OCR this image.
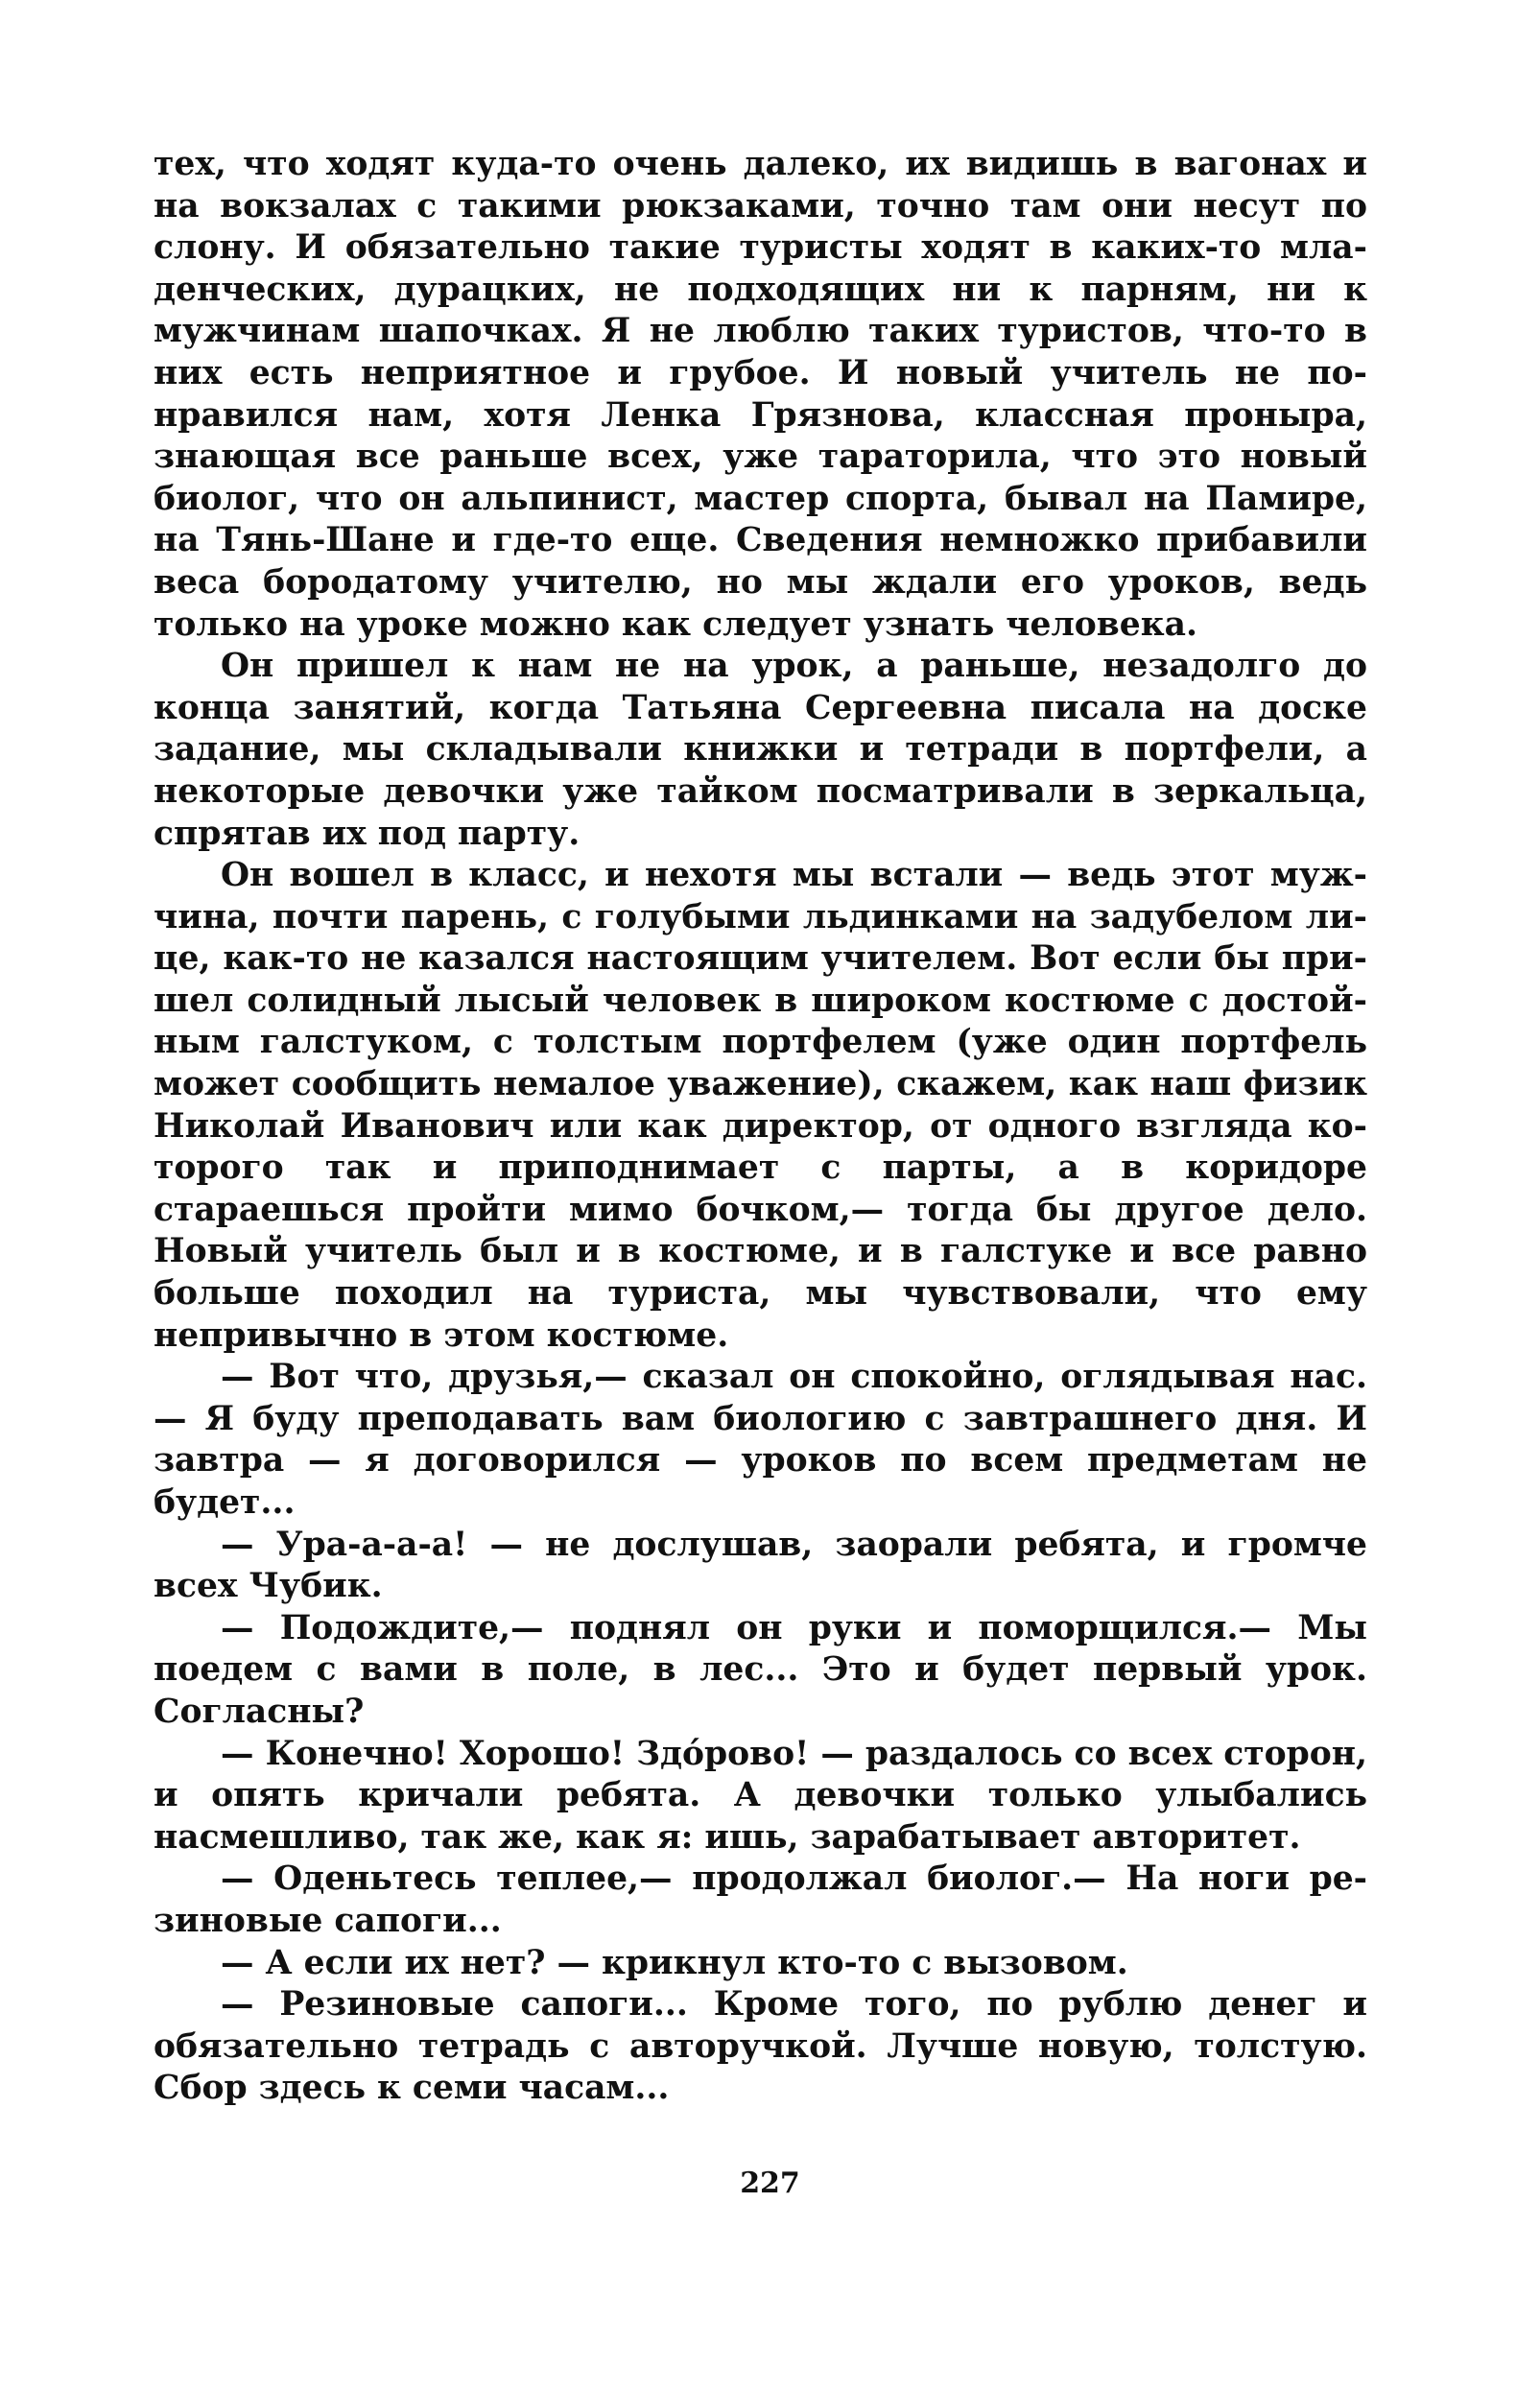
тех, что ходят куда-то очень далеко, их видишь в вагонах и на вокзалах с такими рюкзаками, точно там они несут по слону. И обязательно такие туристы ходят в каких-то младенческих, дурацких, не подходящих ни к парням, ни к мужчинам шапочках. Я не люблю таких туристов, что-то в них есть неприятное и грубое. И новый учитель не понравился нам, хотя Ленка Грязнова, классная проныра, знающая все раньше всех, уже тараторила, что это новый биолог, что он альпинист, мастер спорта, бывал на Памире, на Тянь-Шане и где-то еще. Сведения немножко прибавили веса бородатому учителю, но мы ждали его уроков, ведь только на уроке можно как следует узнать человека.

Он пришел к нам не на урок, а раньше, незадолго до конца занятий, когда Татьяна Сергеевна писала на доске задание, мы складывали книжки и тетради в портфели, а некоторые девочки уже тайком посматривали в зеркальца, спрятав их под парту.

Он вошел в класс, и нехотя мы встали — ведь этот мужчина, почти парень, с голубыми льдинками на задубелом лице, как-то не казался настоящим учителем. Вот если бы пришел солидный лысый человек в широком костюме с достойным галстуком, с толстым портфелем (уже один портфель может сообщить немалое уважение), скажем, как наш физик Николай Иванович или как директор, от одного взгляда которого так и приподнимает с парты, а в коридоре стараешься пройти мимо бочком,— тогда бы другое дело. Новый учитель был и в костюме, и в галстуке и все равно больше походил на туриста, мы чувствовали, что ему непривычно в этом костюме.

— Вот что, друзья,— сказал он спокойно, оглядывая нас.— Я буду преподавать вам биологию с завтрашнего дня. И завтра — я договорился — уроков по всем предметам не будет...

— Ура-а-а-а! — не дослушав, заорали ребята, и громче всех Чубик.

— Подождите,— поднял он руки и поморщился.— Мы поедем с вами в поле, в лес... Это и будет первый урок. Согласны?

— Конечно! Хорошо! Здо́рово! — раздалось со всех сторон, и опять кричали ребята. А девочки только улыбались насмешливо, так же, как я: ишь, зарабатывает авторитет.

— Оденьтесь теплее,— продолжал биолог.— На ноги резиновые сапоги...

— А если их нет? — крикнул кто-то с вызовом.

— Резиновые сапоги... Кроме того, по рублю денег и обязательно тетрадь с авторучкой. Лучше новую, толстую. Сбор здесь к семи часам...

227
